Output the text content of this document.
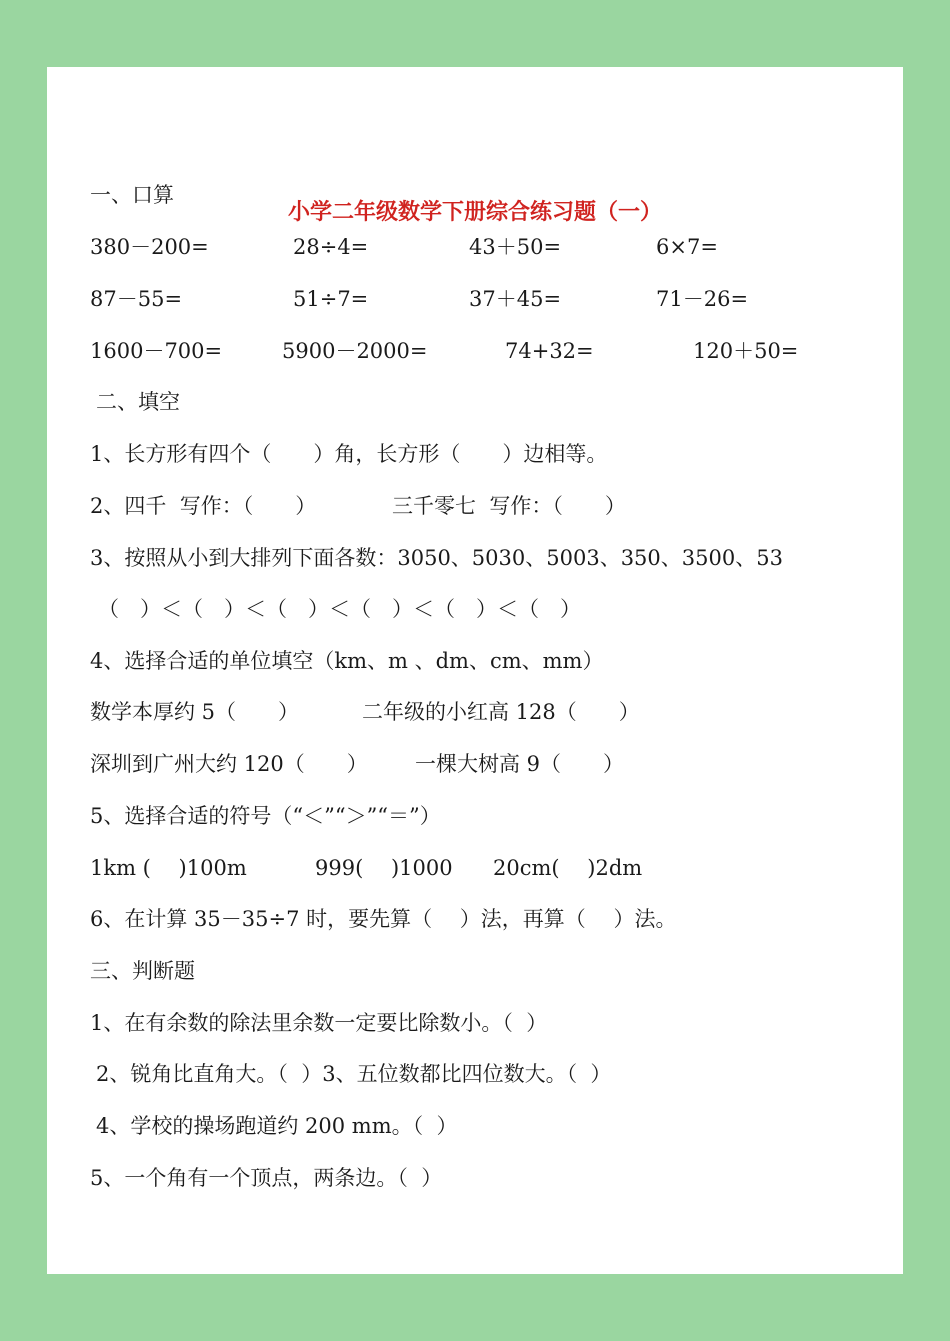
小学二年级数学下册综合练习题（一）
一、口算
380－200=	28÷4=	43＋50=	6×7=
87－55=	51÷7=	37＋45=	71－26=
1600－700=	5900－2000=	74+32=	120＋50=
二、填空
1、长方形有四个（　　）角，长方形（　　）边相等。
2、四千  写作：（　　）	三千零七  写作：（　　）
3、按照从小到大排列下面各数：3050、5030、5003、350、3500、53
（　）＜（　）＜（　）＜（　）＜（　）＜（　）
4、选择合适的单位填空（km、m 、dm、cm、mm）
数学本厚约 5（　　）	二年级的小红高 128（　　）
深圳到广州大约 120（　　） 一棵大树高 9（　　）
5、选择合适的符号（“＜”“＞”“＝”）
1km (　 )100m	999(　 )1000 20cm(　 )2dm
6、在计算 35－35÷7 时，要先算（　 ）法，再算（　 ）法。
三、判断题
1、在有余数的除法里余数一定要比除数小。（  ）
2、锐角比直角大。（  ）3、五位数都比四位数大。（  ）
4、学校的操场跑道约 200 mm。（  ）
5、一个角有一个顶点，两条边。（  ）
